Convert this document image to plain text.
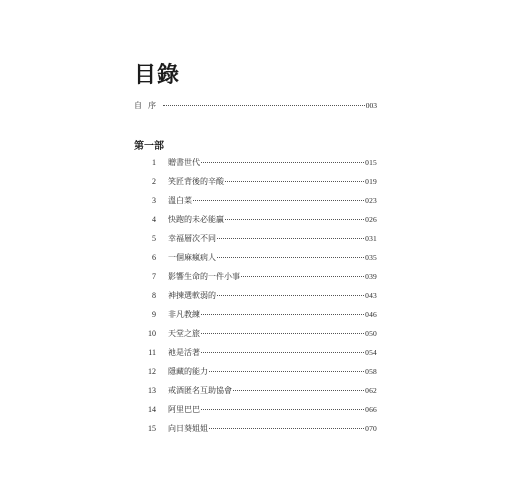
目錄
自序	003
第一部
1 贈書世代	015
2 笑匠背後的辛酸	019
3 溫白菜	023
4 快跑的未必能贏	026
5 幸福層次不同	031
6 一個麻瘋病人	035
7 影響生命的一件小事	039
8 神揀選軟弱的	043
9 非凡教練	046
10 天堂之旅	050
11 祂是活著	054
12 隱藏的能力	058
13 戒酒匿名互助協會	062
14 阿里巴巴	066
15 向日葵姐姐	070
